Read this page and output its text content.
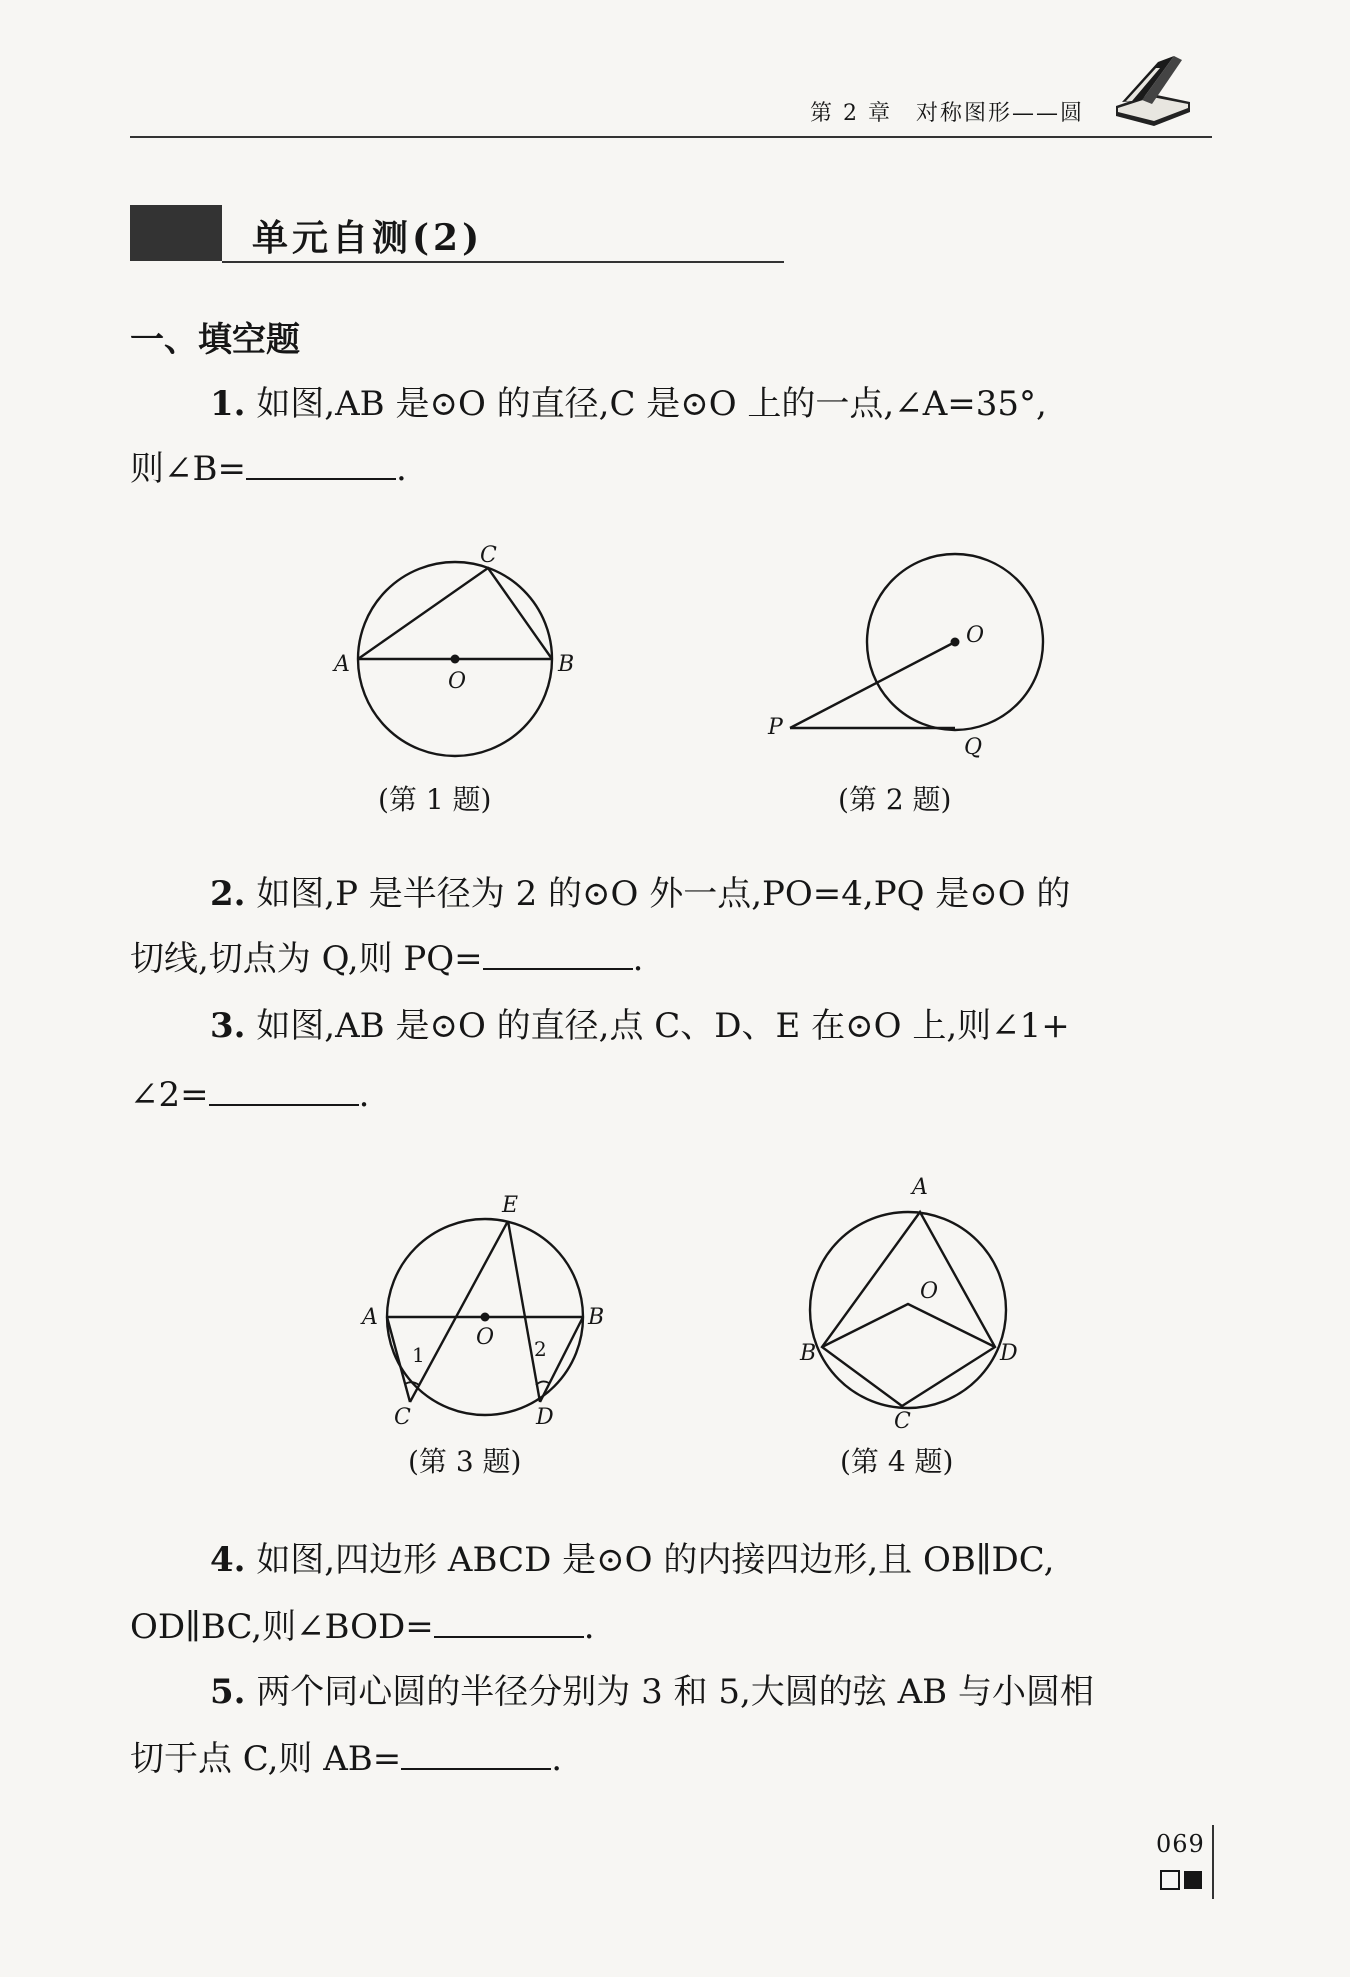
第 2 章　对称图形——圆
单元自测(2)
一、填空题
1. 如图,AB 是⊙O 的直径,C 是⊙O 上的一点,∠A=35°,
则∠B=	.
C
A	B
O
(第 1 题)
O
P
Q
(第 2 题)
2. 如图,P 是半径为 2 的⊙O 外一点,PO=4,PQ 是⊙O 的
切线,切点为 Q,则 PQ=	.
3. 如图,AB 是⊙O 的直径,点 C、D、E 在⊙O 上,则∠1+
∠2=	.
E
A	B
O
C	D
1	2
(第 3 题)
A
O
B	D
C
(第 4 题)
4. 如图,四边形 ABCD 是⊙O 的内接四边形,且 OB∥DC,
OD∥BC,则∠BOD=	.
5. 两个同心圆的半径分别为 3 和 5,大圆的弦 AB 与小圆相
切于点 C,则 AB=	.
069
